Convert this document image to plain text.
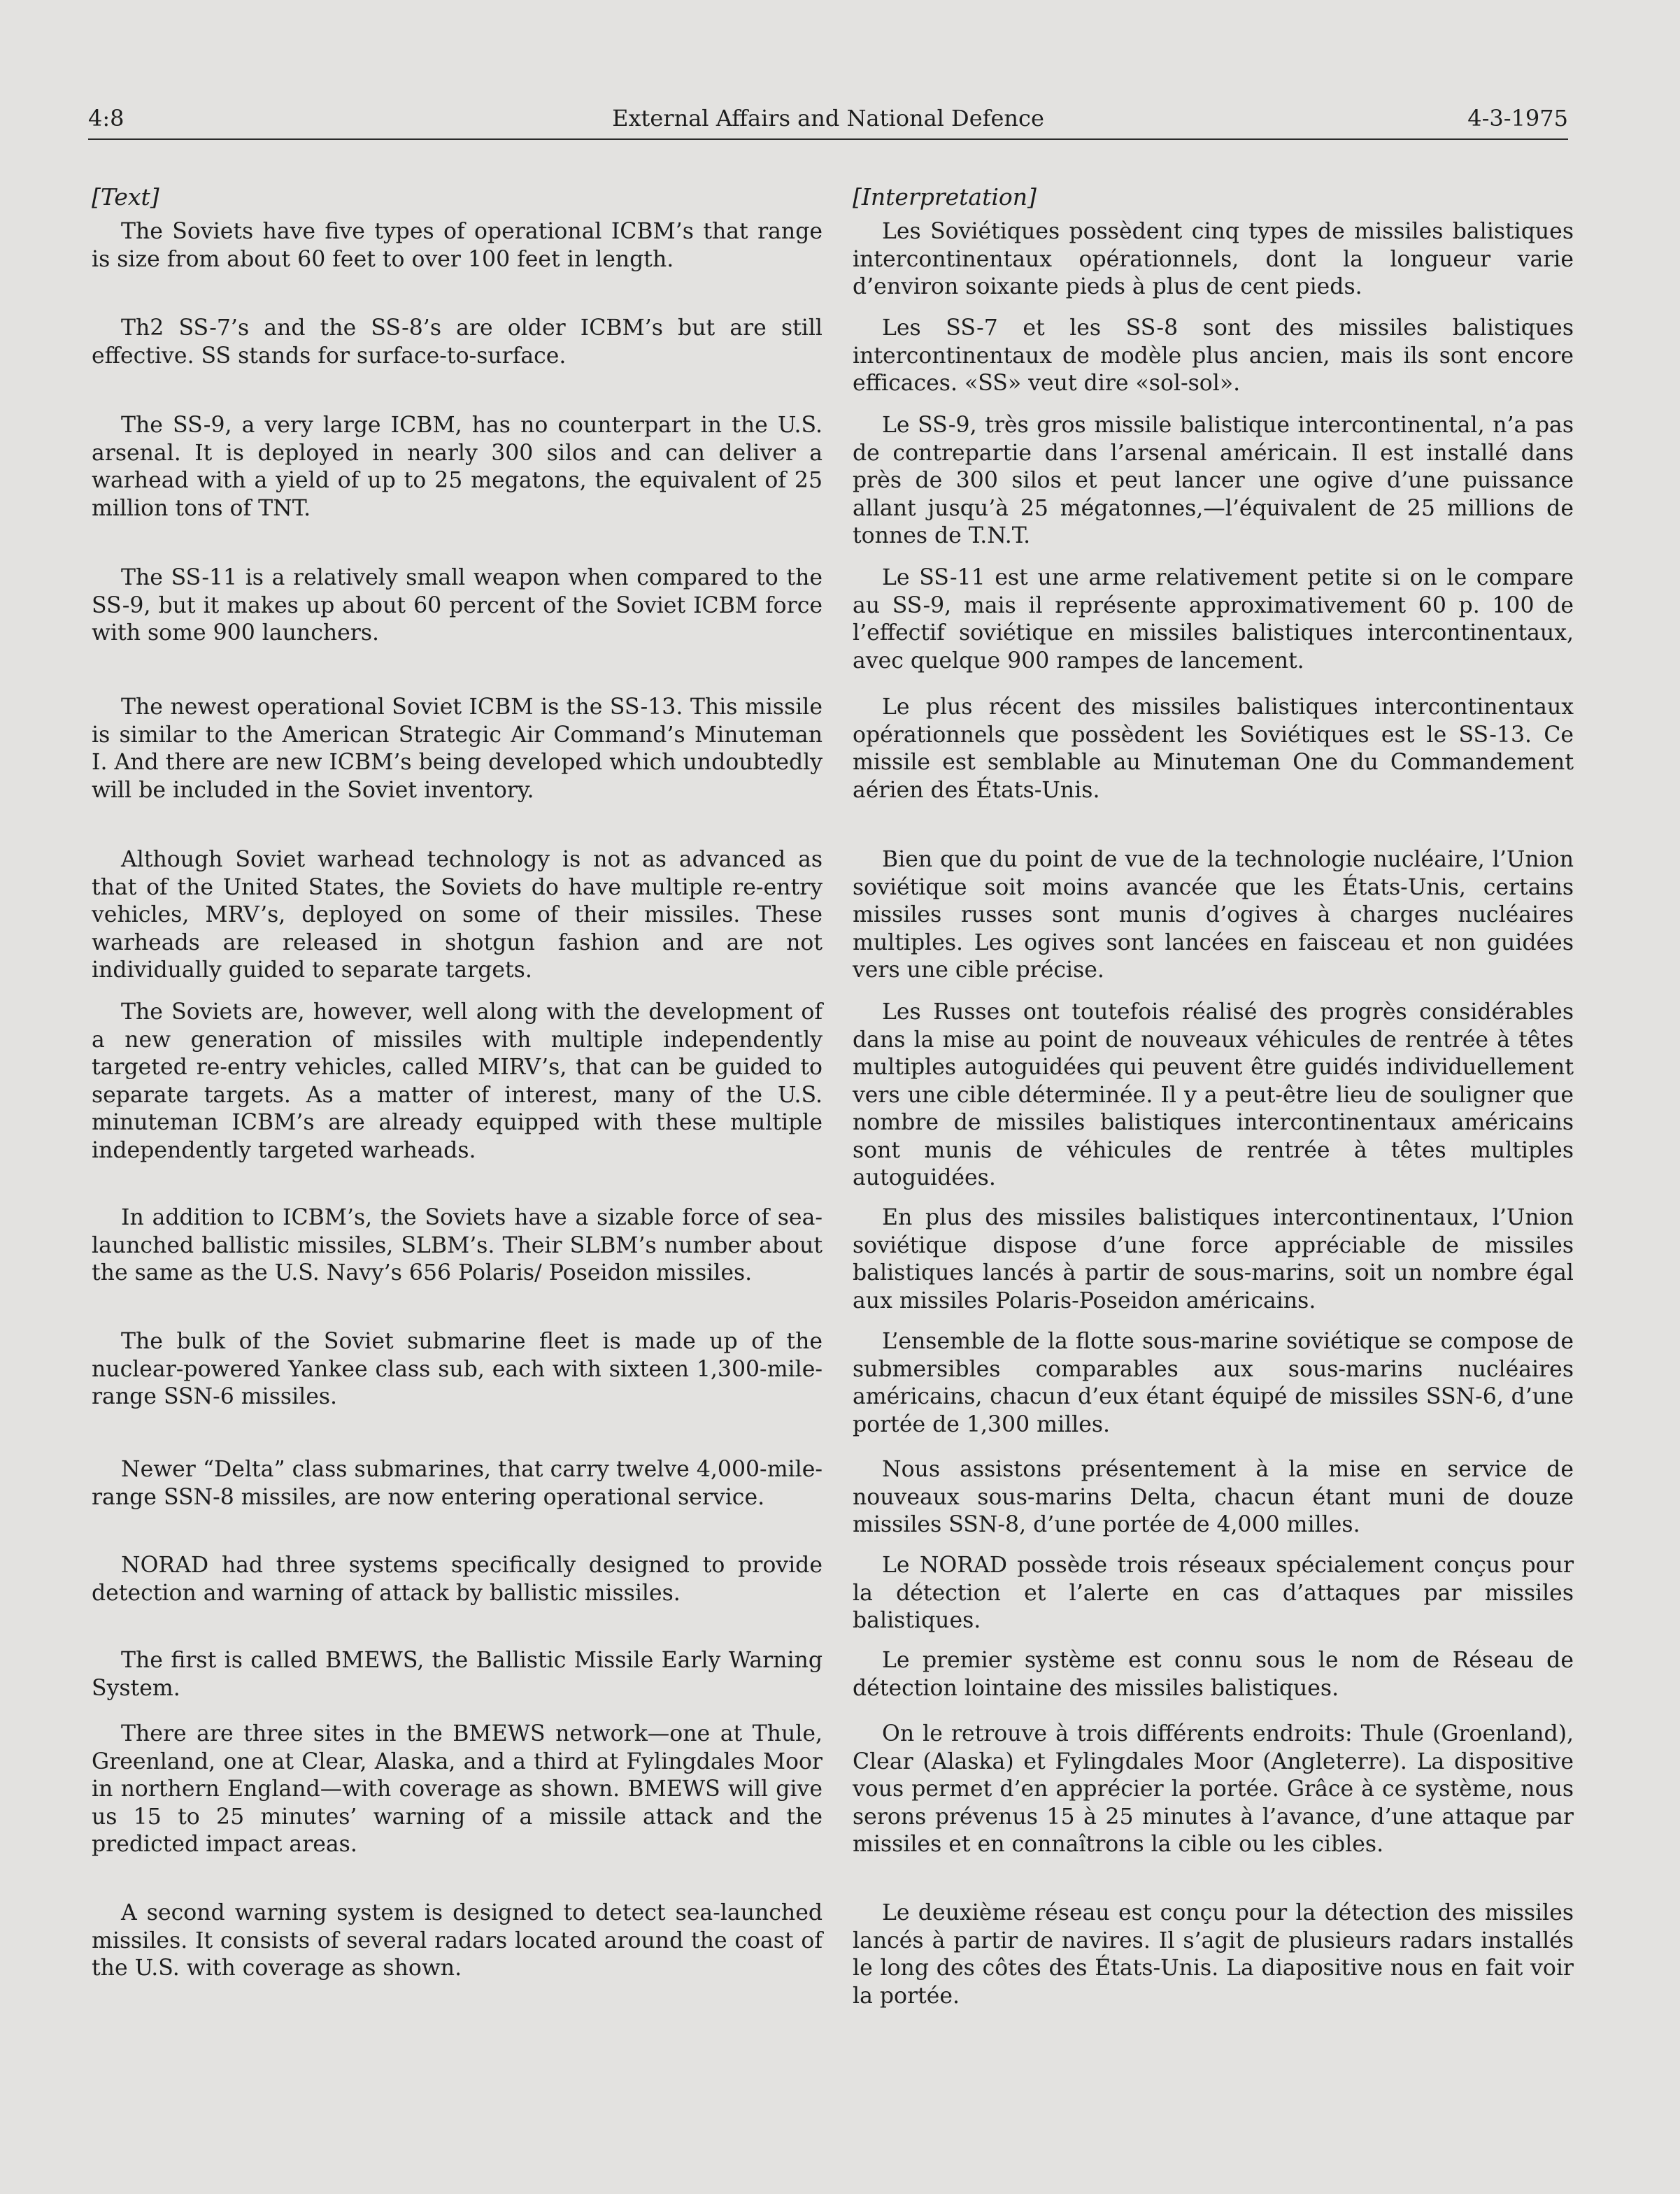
4:8	External Affairs and National Defence	4-3-1975
[Text]

The Soviets have five types of operational ICBM’s that range is size from about 60 feet to over 100 feet in length.

Th2 SS-7’s and the SS-8’s are older ICBM’s but are still effective. SS stands for surface-to-surface.

The SS-9, a very large ICBM, has no counterpart in the U.S. arsenal. It is deployed in nearly 300 silos and can deliver a warhead with a yield of up to 25 megatons, the equivalent of 25 million tons of TNT.

The SS-11 is a relatively small weapon when compared to the SS-9, but it makes up about 60 percent of the Soviet ICBM force with some 900 launchers.

The newest operational Soviet ICBM is the SS-13. This missile is similar to the American Strategic Air Command’s Minuteman I. And there are new ICBM’s being developed which undoubtedly will be included in the Soviet inventory.

Although Soviet warhead technology is not as advanced as that of the United States, the Soviets do have multiple re-entry vehicles, MRV’s, deployed on some of their missiles. These warheads are released in shotgun fashion and are not individually guided to separate targets.

The Soviets are, however, well along with the development of a new generation of missiles with multiple independently targeted re-entry vehicles, called MIRV’s, that can be guided to separate targets. As a matter of interest, many of the U.S. minuteman ICBM’s are already equipped with these multiple independently targeted warheads.

In addition to ICBM’s, the Soviets have a sizable force of sea-launched ballistic missiles, SLBM’s. Their SLBM’s number about the same as the U.S. Navy’s 656 Polaris/ Poseidon missiles.

The bulk of the Soviet submarine fleet is made up of the nuclear-powered Yankee class sub, each with sixteen 1,300-mile-range SSN-6 missiles.

Newer “Delta” class submarines, that carry twelve 4,000-mile-range SSN-8 missiles, are now entering operational service.

NORAD had three systems specifically designed to provide detection and warning of attack by ballistic missiles.

The first is called BMEWS, the Ballistic Missile Early Warning System.

There are three sites in the BMEWS network—one at Thule, Greenland, one at Clear, Alaska, and a third at Fylingdales Moor in northern England—with coverage as shown. BMEWS will give us 15 to 25 minutes’ warning of a missile attack and the predicted impact areas.

A second warning system is designed to detect sea-launched missiles. It consists of several radars located around the coast of the U.S. with coverage as shown.

[Interpretation]

Les Soviétiques possèdent cinq types de missiles balistiques intercontinentaux opérationnels, dont la longueur varie d’environ soixante pieds à plus de cent pieds.

Les SS-7 et les SS-8 sont des missiles balistiques intercontinentaux de modèle plus ancien, mais ils sont encore efficaces. «SS» veut dire «sol-sol».

Le SS-9, très gros missile balistique intercontinental, n’a pas de contrepartie dans l’arsenal américain. Il est installé dans près de 300 silos et peut lancer une ogive d’une puissance allant jusqu’à 25 mégatonnes,—l’équivalent de 25 millions de tonnes de T.N.T.

Le SS-11 est une arme relativement petite si on le compare au SS-9, mais il représente approximativement 60 p. 100 de l’effectif soviétique en missiles balistiques intercontinentaux, avec quelque 900 rampes de lancement.

Le plus récent des missiles balistiques intercontinentaux opérationnels que possèdent les Soviétiques est le SS-13. Ce missile est semblable au Minuteman One du Commandement aérien des États-Unis.

Bien que du point de vue de la technologie nucléaire, l’Union soviétique soit moins avancée que les États-Unis, certains missiles russes sont munis d’ogives à charges nucléaires multiples. Les ogives sont lancées en faisceau et non guidées vers une cible précise.

Les Russes ont toutefois réalisé des progrès considérables dans la mise au point de nouveaux véhicules de rentrée à têtes multiples autoguidées qui peuvent être guidés individuellement vers une cible déterminée. Il y a peut-être lieu de souligner que nombre de missiles balistiques intercontinentaux américains sont munis de véhicules de rentrée à têtes multiples autoguidées.

En plus des missiles balistiques intercontinentaux, l’Union soviétique dispose d’une force appréciable de missiles balistiques lancés à partir de sous-marins, soit un nombre égal aux missiles Polaris-Poseidon américains.

L’ensemble de la flotte sous-marine soviétique se compose de submersibles comparables aux sous-marins nucléaires américains, chacun d’eux étant équipé de missiles SSN-6, d’une portée de 1,300 milles.

Nous assistons présentement à la mise en service de nouveaux sous-marins Delta, chacun étant muni de douze missiles SSN-8, d’une portée de 4,000 milles.

Le NORAD possède trois réseaux spécialement conçus pour la détection et l’alerte en cas d’attaques par missiles balistiques.

Le premier système est connu sous le nom de Réseau de détection lointaine des missiles balistiques.

On le retrouve à trois différents endroits: Thule (Groenland), Clear (Alaska) et Fylingdales Moor (Angleterre). La dispositive vous permet d’en apprécier la portée. Grâce à ce système, nous serons prévenus 15 à 25 minutes à l’avance, d’une attaque par missiles et en connaîtrons la cible ou les cibles.

Le deuxième réseau est conçu pour la détection des missiles lancés à partir de navires. Il s’agit de plusieurs radars installés le long des côtes des États-Unis. La diapositive nous en fait voir la portée.
